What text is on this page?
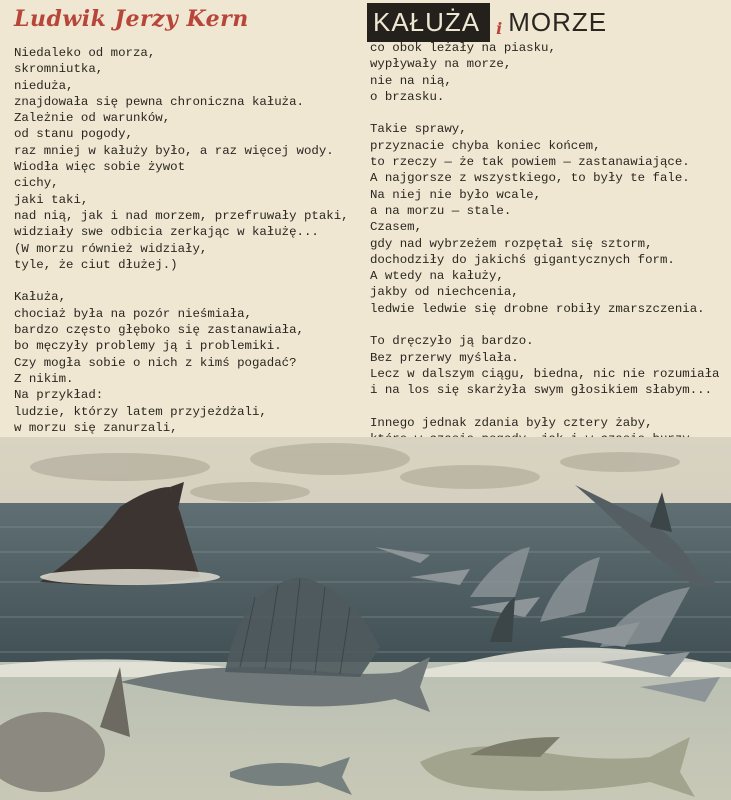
Ludwik Jerzy Kern	KAŁUŻA	i MORZE
Niedaleko od morza,
skromniutka,
nieduża,
znajdowała się pewna chroniczna kałuża.
Zależnie od warunków,
od stanu pogody,
raz mniej w kałuży było, a raz więcej wody.
Wiodła więc sobie żywot
cichy,
jaki taki,
nad nią, jak i nad morzem, przefruwały ptaki,
widziały swe odbicia zerkając w kałużę...
(W morzu również widziały,
tyle, że ciut dłużej.)
Kałuża,
chociaż była na pozór nieśmiała,
bardzo często głęboko się zastanawiała,
bo męczyły problemy ją i problemiki.
Czy mogła sobie o nich z kimś pogadać?
Z nikim.
Na przykład:
ludzie, którzy latem przyjeżdżali,
w morzu się zanurzali,
co obok leżały na piasku,
wypływały na morze,
nie na nią,
o brzasku.
Takie sprawy,
przyznacie chyba koniec końcem,
to rzeczy — że tak powiem — zastanawiające.
A najgorsze z wszystkiego, to były te fale.
Na niej nie było wcale,
a na morzu — stale.
Czasem,
gdy nad wybrzeżem rozpętał się sztorm,
dochodziły do jakichś gigantycznych form.
A wtedy na kałuży,
jakby od niechcenia,
ledwie ledwie się drobne robiły zmarszczenia.
To dręczyło ją bardzo.
Bez przerwy myślała.
Lecz w dalszym ciągu, biedna, nic nie rozumiała
i na los się skarżyła swym głosikiem słabym...
Innego jednak zdania były cztery żaby,
